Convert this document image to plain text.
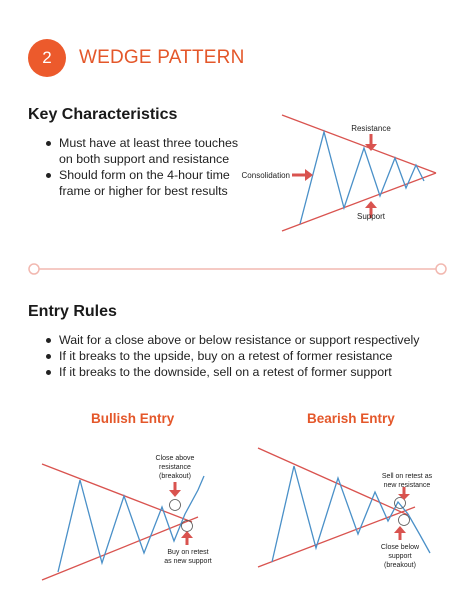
2	WEDGE PATTERN
Key Characteristics
Must have at least three touches
on both support and resistance
Should form on the 4-hour time
frame or higher for best results
Resistance
Consolidation
Support
Close above
resistance
(breakout)
Buy on retest
as new support
Sell on retest as
new resistance
Close below
support
(breakout)
Entry Rules
Wait for a close above or below resistance or support respectively
If it breaks to the upside, buy on a retest of former resistance
If it breaks to the downside, sell on a retest of former support
Bullish Entry	Bearish Entry
